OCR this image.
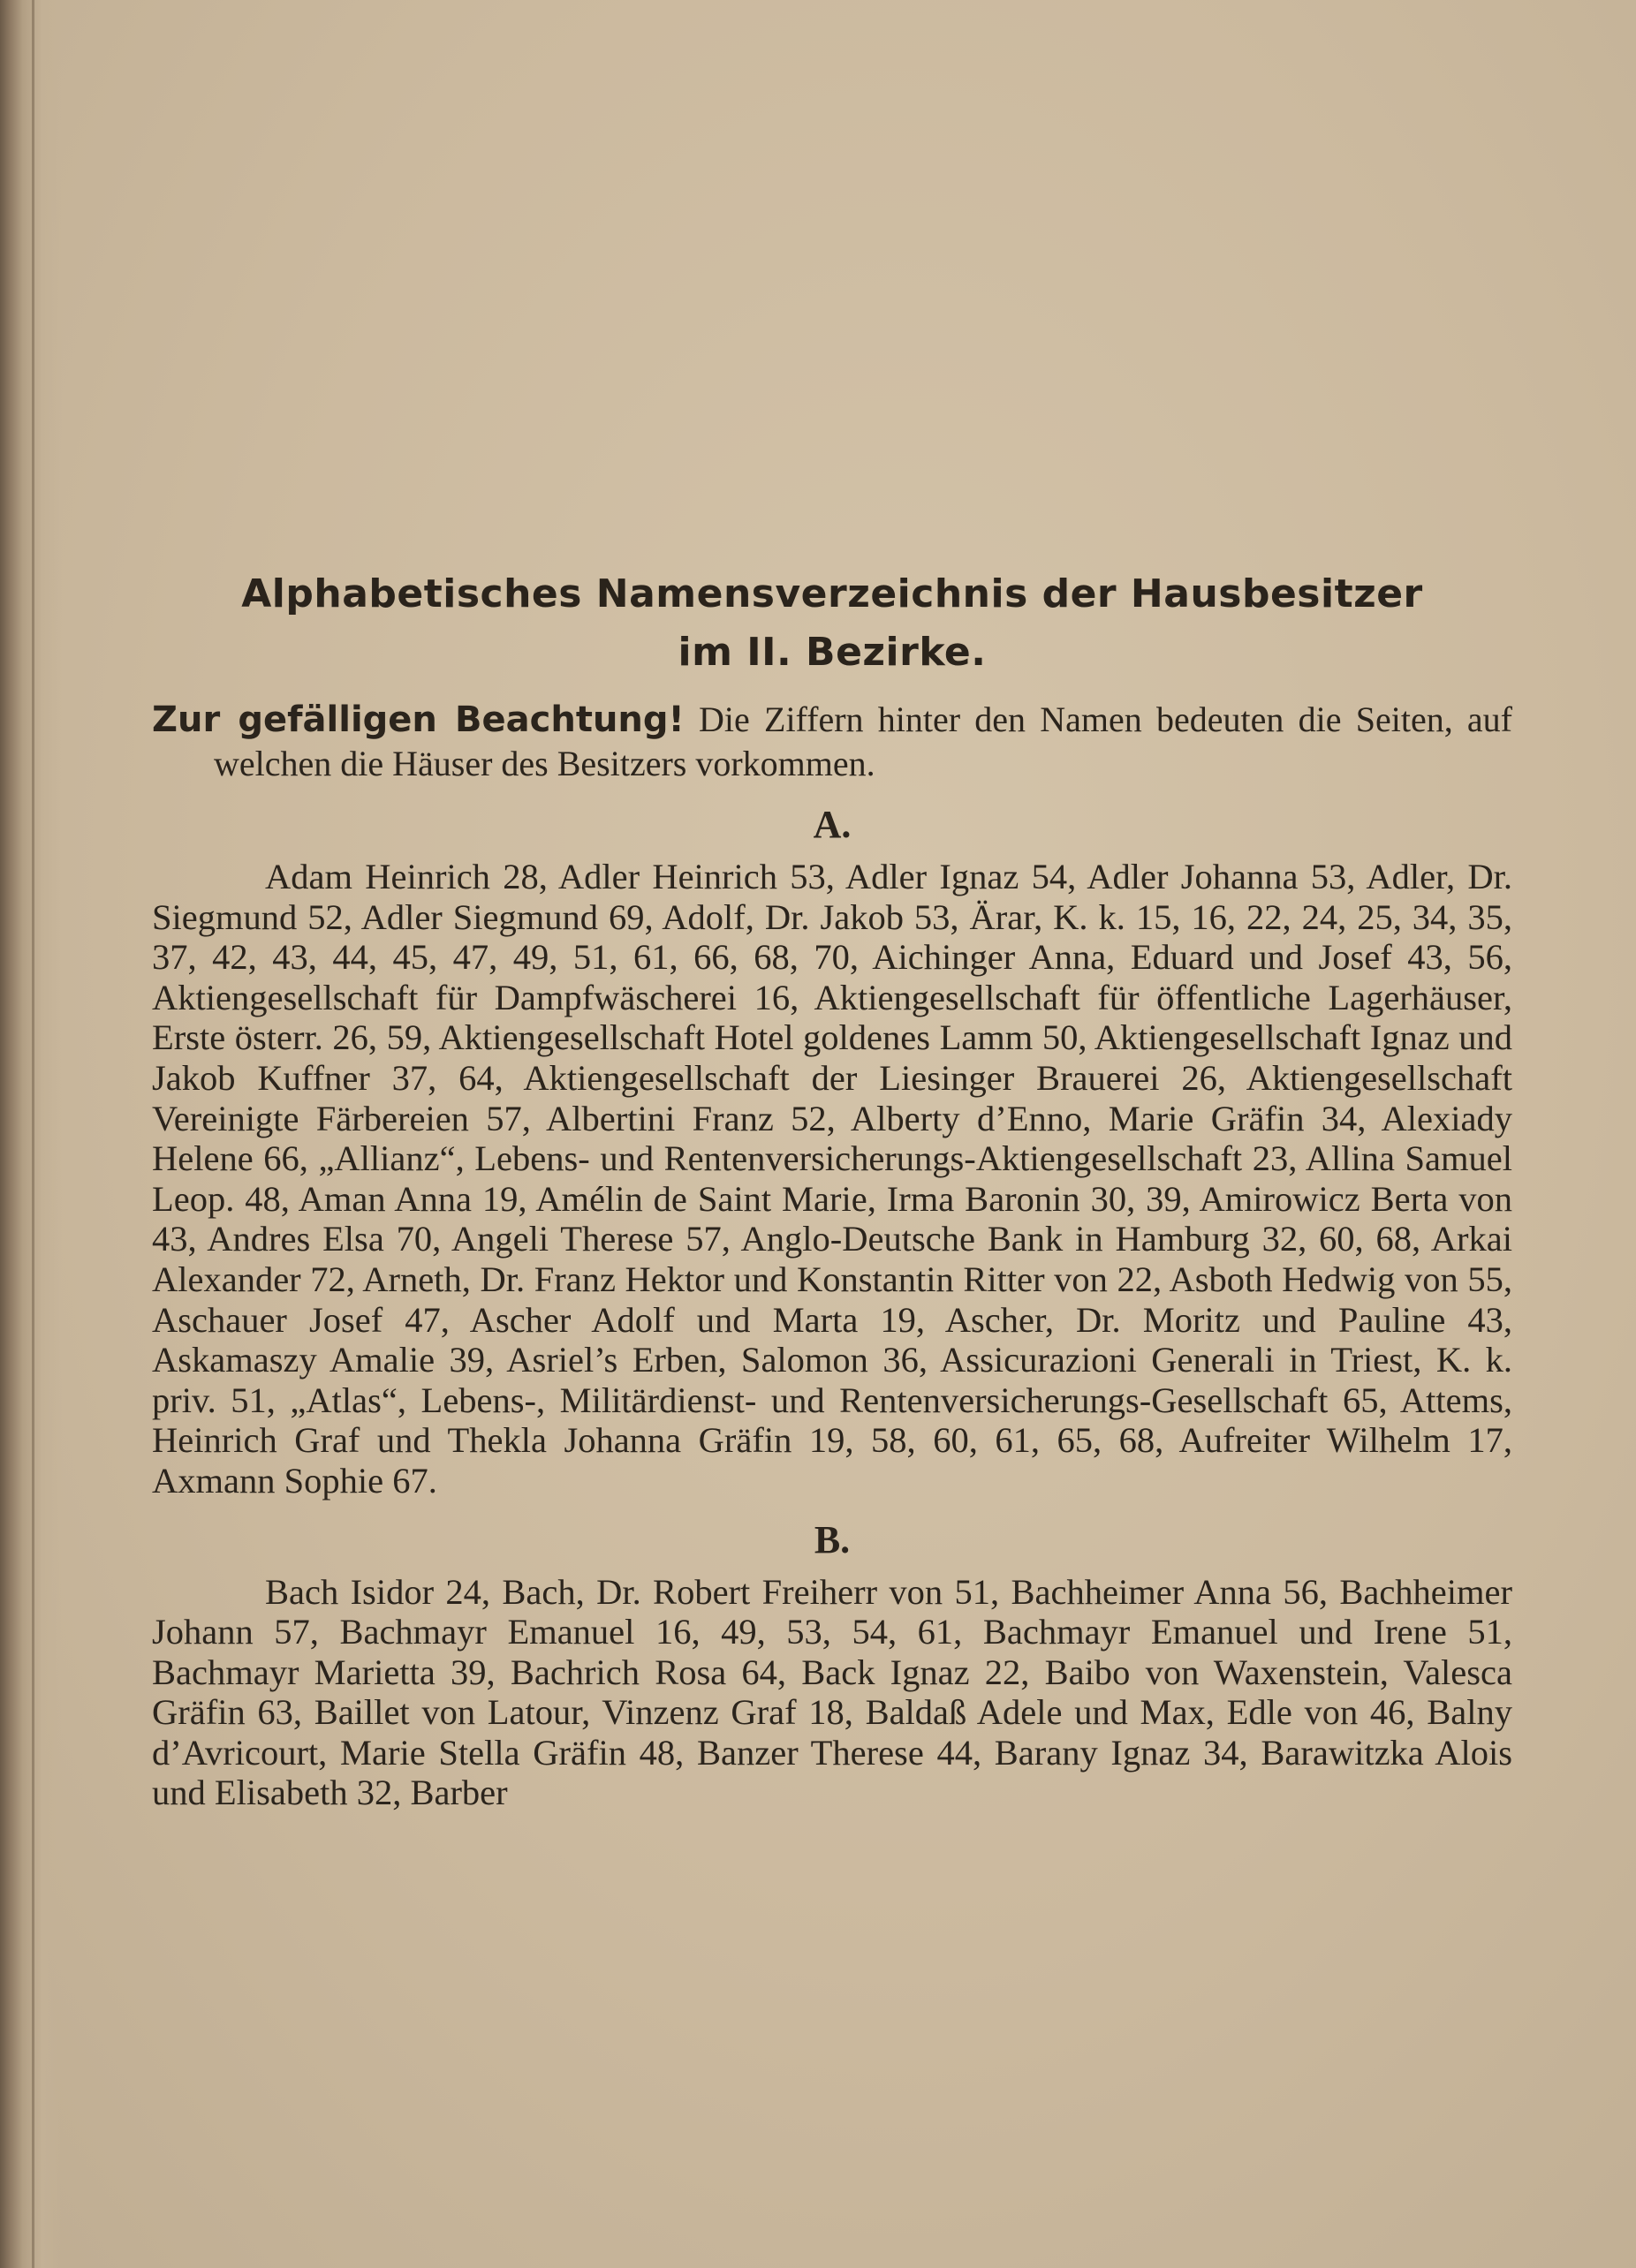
Alphabetisches Namensverzeichnis der Hausbesitzer
im II. Bezirke.

Zur gefälligen Beachtung! Die Ziffern hinter den Namen bedeuten die Seiten, auf welchen die Häuser des Besitzers vorkommen.

A.

Adam Heinrich 28, Adler Heinrich 53, Adler Ignaz 54, Adler Johanna 53, Adler, Dr. Siegmund 52, Adler Siegmund 69, Adolf, Dr. Jakob 53, Ärar, K. k. 15, 16, 22, 24, 25, 34, 35, 37, 42, 43, 44, 45, 47, 49, 51, 61, 66, 68, 70, Aichinger Anna, Eduard und Josef 43, 56, Aktiengesellschaft für Dampfwäscherei 16, Aktiengesellschaft für öffentliche Lagerhäuser, Erste österr. 26, 59, Aktiengesellschaft Hotel goldenes Lamm 50, Aktiengesellschaft Ignaz und Jakob Kuffner 37, 64, Aktiengesellschaft der Liesinger Brauerei 26, Aktiengesellschaft Vereinigte Färbereien 57, Albertini Franz 52, Alberty d’Enno, Marie Gräfin 34, Alexiady Helene 66, „Allianz“, Lebens- und Rentenversicherungs-Aktiengesellschaft 23, Allina Samuel Leop. 48, Aman Anna 19, Amélin de Saint Marie, Irma Baronin 30, 39, Amirowicz Berta von 43, Andres Elsa 70, Angeli Therese 57, Anglo-Deutsche Bank in Hamburg 32, 60, 68, Arkai Alexander 72, Arneth, Dr. Franz Hektor und Konstantin Ritter von 22, Asboth Hedwig von 55, Aschauer Josef 47, Ascher Adolf und Marta 19, Ascher, Dr. Moritz und Pauline 43, Askamaszy Amalie 39, Asriel’s Erben, Salomon 36, Assicurazioni Generali in Triest, K. k. priv. 51, „Atlas“, Lebens-, Militärdienst- und Rentenversicherungs-Gesellschaft 65, Attems, Heinrich Graf und Thekla Johanna Gräfin 19, 58, 60, 61, 65, 68, Aufreiter Wilhelm 17, Axmann Sophie 67.

B.

Bach Isidor 24, Bach, Dr. Robert Freiherr von 51, Bachheimer Anna 56, Bachheimer Johann 57, Bachmayr Emanuel 16, 49, 53, 54, 61, Bachmayr Emanuel und Irene 51, Bachmayr Marietta 39, Bachrich Rosa 64, Back Ignaz 22, Baibo von Waxenstein, Valesca Gräfin 63, Baillet von Latour, Vinzenz Graf 18, Baldaß Adele und Max, Edle von 46, Balny d’Avricourt, Marie Stella Gräfin 48, Banzer Therese 44, Barany Ignaz 34, Barawitzka Alois und Elisabeth 32, Barber
